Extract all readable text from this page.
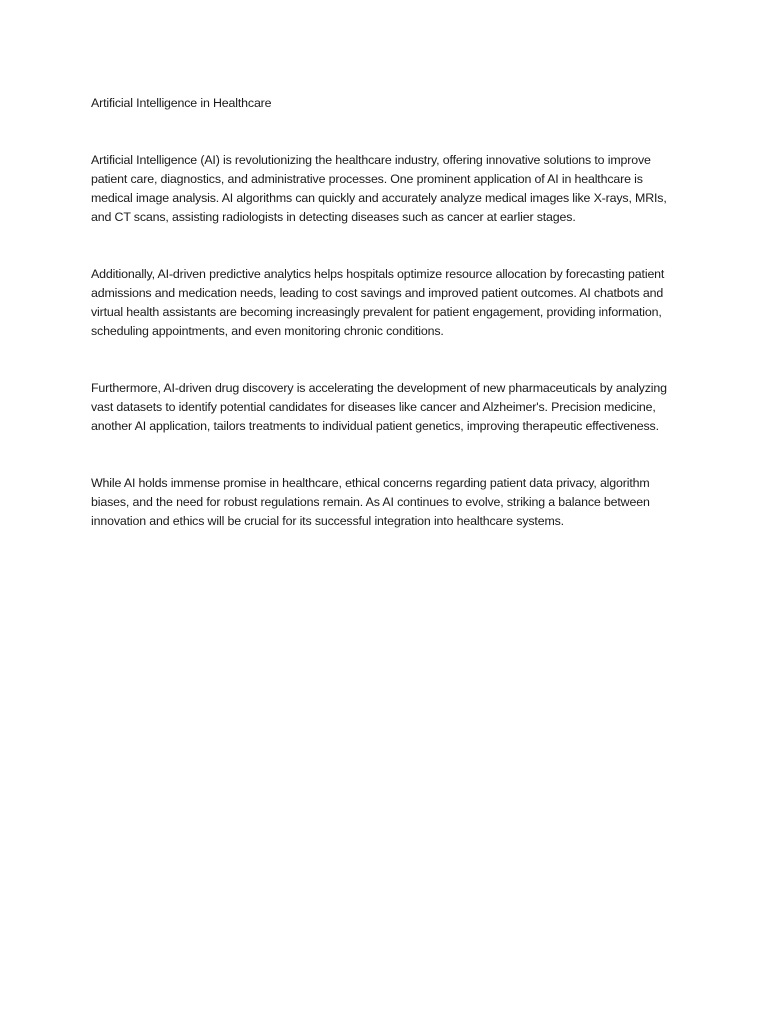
Artificial Intelligence in Healthcare

Artificial Intelligence (AI) is revolutionizing the healthcare industry, offering innovative solutions to improve patient care, diagnostics, and administrative processes. One prominent application of AI in healthcare is medical image analysis. AI algorithms can quickly and accurately analyze medical images like X-rays, MRIs, and CT scans, assisting radiologists in detecting diseases such as cancer at earlier stages.

Additionally, AI-driven predictive analytics helps hospitals optimize resource allocation by forecasting patient admissions and medication needs, leading to cost savings and improved patient outcomes. AI chatbots and virtual health assistants are becoming increasingly prevalent for patient engagement, providing information, scheduling appointments, and even monitoring chronic conditions.

Furthermore, AI-driven drug discovery is accelerating the development of new pharmaceuticals by analyzing vast datasets to identify potential candidates for diseases like cancer and Alzheimer's. Precision medicine, another AI application, tailors treatments to individual patient genetics, improving therapeutic effectiveness.

While AI holds immense promise in healthcare, ethical concerns regarding patient data privacy, algorithm biases, and the need for robust regulations remain. As AI continues to evolve, striking a balance between innovation and ethics will be crucial for its successful integration into healthcare systems.
